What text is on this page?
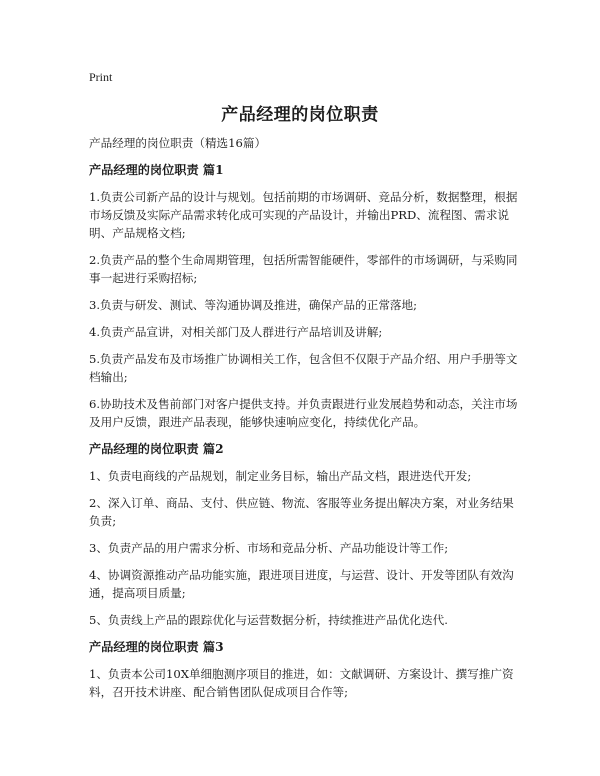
Print
产品经理的岗位职责

产品经理的岗位职责（精选16篇）

产品经理的岗位职责 篇1

1.负责公司新产品的设计与规划。包括前期的市场调研、竞品分析，数据整理，根据市场反馈及实际产品需求转化成可实现的产品设计，并输出PRD、流程图、需求说明、产品规格文档;

2.负责产品的整个生命周期管理，包括所需智能硬件，零部件的市场调研，与采购同事一起进行采购招标;

3.负责与研发、测试、等沟通协调及推进，确保产品的正常落地;

4.负责产品宣讲，对相关部门及人群进行产品培训及讲解;

5.负责产品发布及市场推广协调相关工作，包含但不仅限于产品介绍、用户手册等文档输出;

6.协助技术及售前部门对客户提供支持。并负责跟进行业发展趋势和动态，关注市场及用户反馈，跟进产品表现，能够快速响应变化，持续优化产品。

产品经理的岗位职责 篇2

1、负责电商线的产品规划，制定业务目标，输出产品文档，跟进迭代开发;

2、深入订单、商品、支付、供应链、物流、客服等业务提出解决方案，对业务结果负责;

3、负责产品的用户需求分析、市场和竞品分析、产品功能设计等工作;

4、协调资源推动产品功能实施，跟进项目进度，与运营、设计、开发等团队有效沟通，提高项目质量;

5、负责线上产品的跟踪优化与运营数据分析，持续推进产品优化迭代.

产品经理的岗位职责 篇3

1、负责本公司10X单细胞测序项目的推进，如：文献调研、方案设计、撰写推广资料，召开技术讲座、配合销售团队促成项目合作等;
